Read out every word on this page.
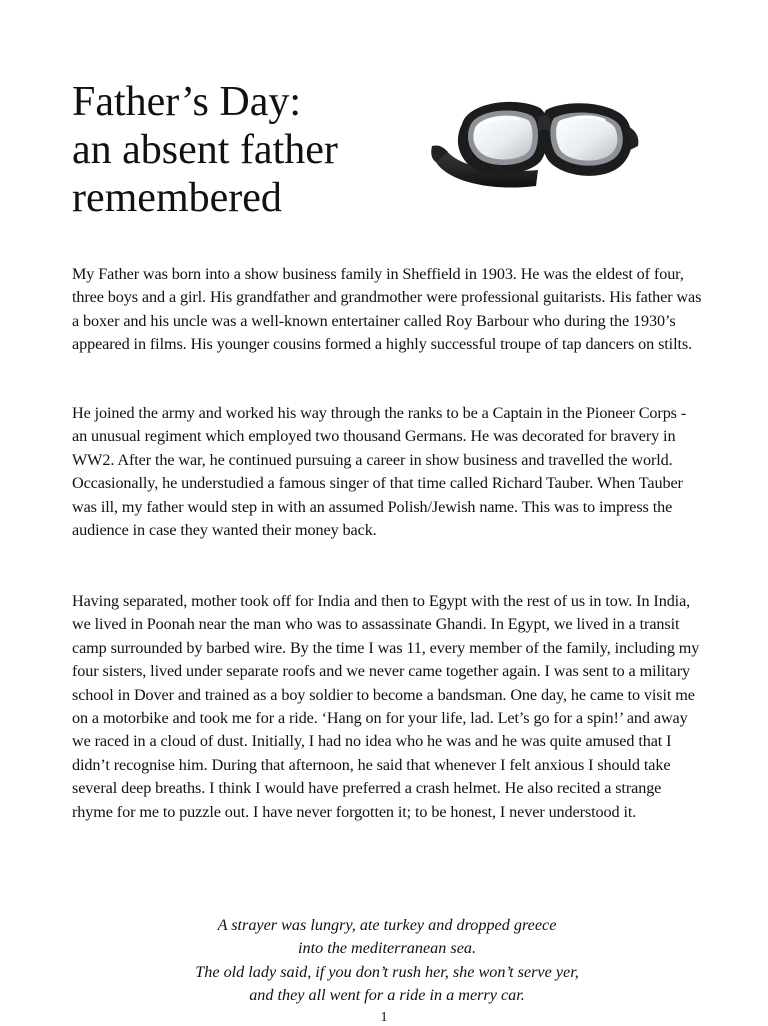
Father’s Day:
an absent father
remembered

My Father was born into a show business family in Sheffield in 1903. He was the eldest of four, three boys and a girl. His grandfather and grandmother were professional guitarists. His father was a boxer and his uncle was a well-known entertainer called Roy Barbour who during the 1930’s appeared in films. His younger cousins formed a highly successful troupe of tap dancers on stilts.

He joined the army and worked his way through the ranks to be a Captain in the Pioneer Corps - an unusual regiment which employed two thousand Germans. He was decorated for bravery in WW2. After the war, he continued pursuing a career in show business and travelled the world. Occasionally, he understudied a famous singer of that time called Richard Tauber. When Tauber was ill, my father would step in with an assumed Polish/Jewish name. This was to impress the audience in case they wanted their money back.

Having separated, mother took off for India and then to Egypt with the rest of us in tow. In India, we lived in Poonah near the man who was to assassinate Ghandi. In Egypt, we lived in a transit camp surrounded by barbed wire. By the time I was 11, every member of the family, including my four sisters, lived under separate roofs and we never came together again. I was sent to a military school in Dover and trained as a boy soldier to become a bandsman. One day, he came to visit me on a motorbike and took me for a ride. ‘Hang on for your life, lad. Let’s go for a spin!’ and away we raced in a cloud of dust. Initially, I had no idea who he was and he was quite amused that I didn’t recognise him. During that afternoon, he said that whenever I felt anxious I should take several deep breaths. I think I would have preferred a crash helmet. He also recited a strange rhyme for me to puzzle out. I have never forgotten it; to be honest, I never understood it.

A strayer was lungry, ate turkey and dropped greece
into the mediterranean sea.
The old lady said, if you don’t rush her, she won’t serve yer,
and they all went for a ride in a merry car.
1
